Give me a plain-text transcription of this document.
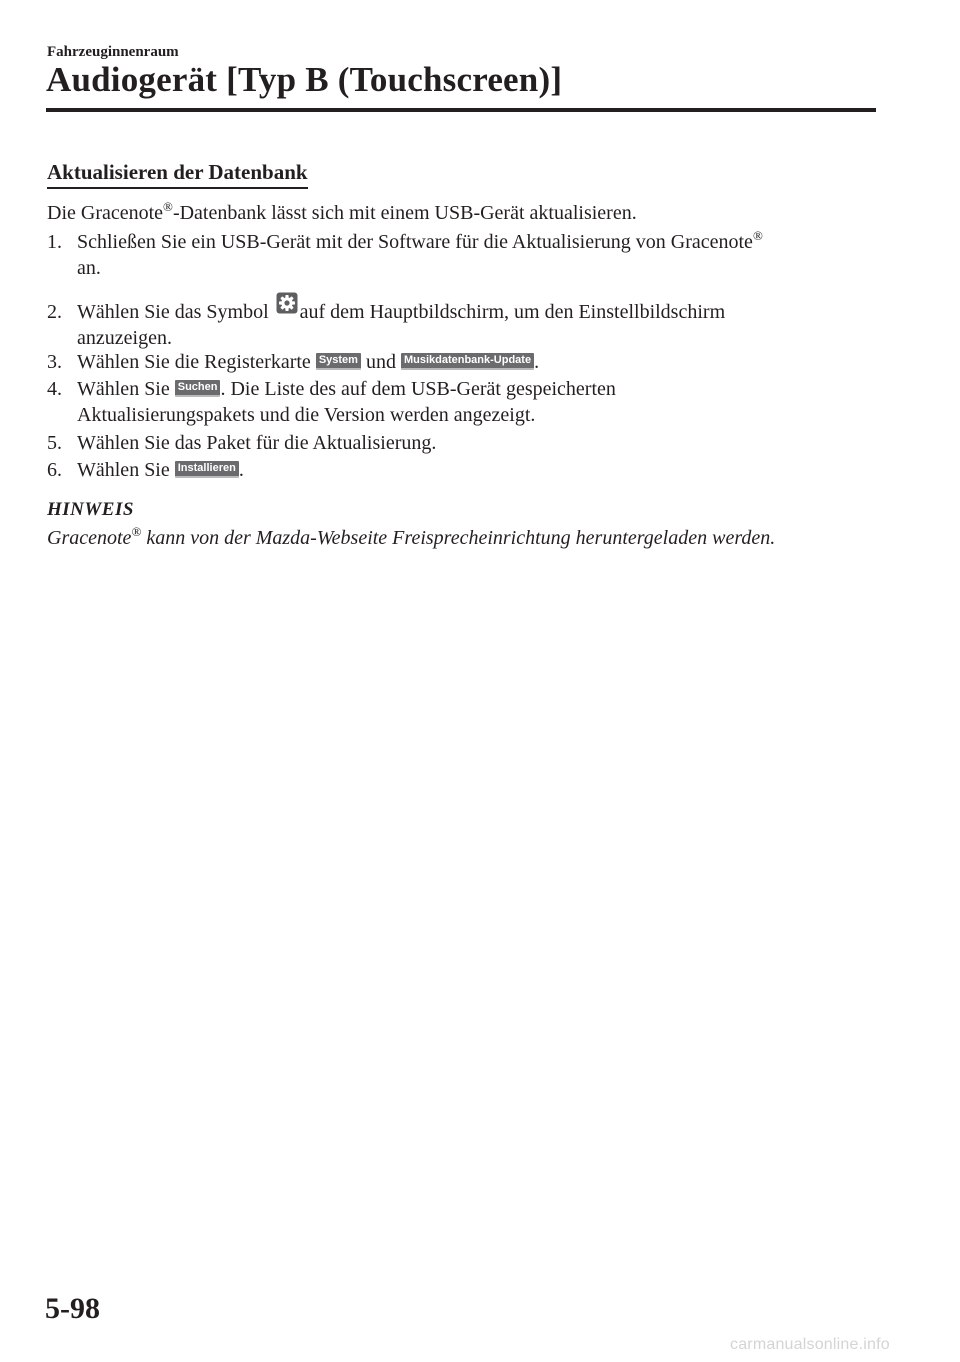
Fahrzeuginnenraum
Audiogerät [Typ B (Touchscreen)]
Aktualisieren der Datenbank
Die Gracenote®-Datenbank lässt sich mit einem USB-Gerät aktualisieren.
1. Schließen Sie ein USB-Gerät mit der Software für die Aktualisierung von Gracenote®
an.
2. Wählen Sie das Symbol auf dem Hauptbildschirm, um den Einstellbildschirm
anzuzeigen.
3. Wählen Sie die Registerkarte System und Musikdatenbank-Update .
4. Wählen Sie Suchen . Die Liste des auf dem USB-Gerät gespeicherten
Aktualisierungspakets und die Version werden angezeigt.
5. Wählen Sie das Paket für die Aktualisierung.
6. Wählen Sie Installieren .
HINWEIS
Gracenote® kann von der Mazda-Webseite Freisprecheinrichtung heruntergeladen werden.
5-98
carmanualsonline.info
